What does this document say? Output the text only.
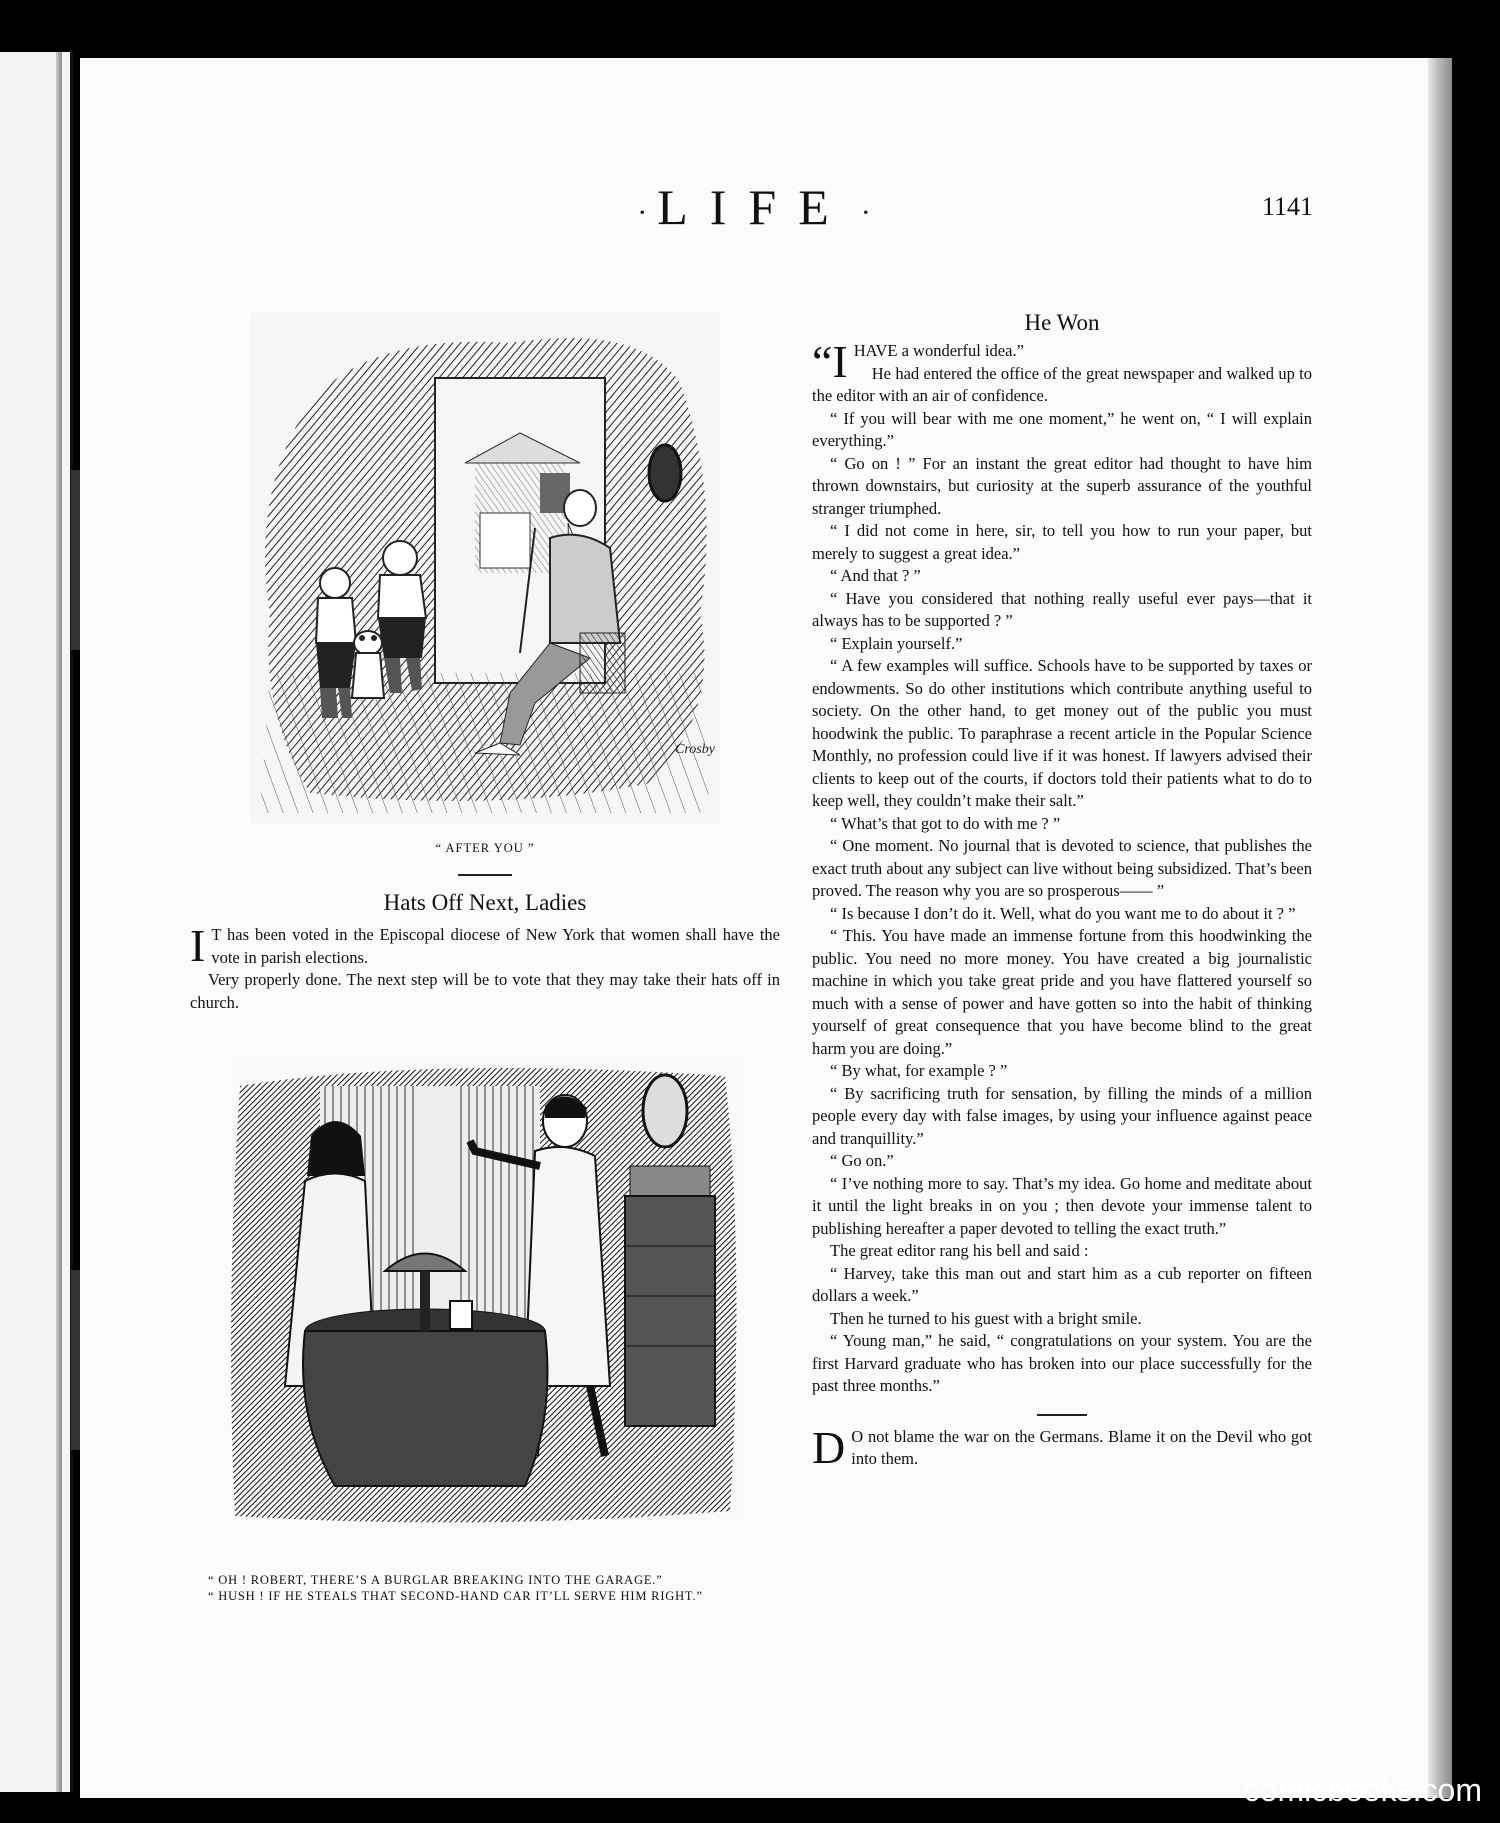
· LIFE ·	1141
Crosby
“ AFTER YOU ”
Hats Off Next, Ladies

I T has been voted in the Episcopal diocese of New York that women shall have the vote in parish elections.

Very properly done. The next step will be to vote that they may take their hats off in church.

“ OH ! ROBERT, THERE’S A BURGLAR BREAKING INTO THE GARAGE.”

“ HUSH ! IF HE STEALS THAT SECOND-HAND CAR IT’LL SERVE HIM RIGHT.”

He Won

“IHAVE a wonderful idea.”

He had entered the office of the great newspaper and walked up to the editor with an air of confidence.

“ If you will bear with me one moment,” he went on, “ I will explain everything.”

“ Go on ! ” For an instant the great editor had thought to have him thrown downstairs, but curiosity at the superb assurance of the youthful stranger triumphed.

“ I did not come in here, sir, to tell you how to run your paper, but merely to suggest a great idea.”

“ And that ? ”

“ Have you considered that nothing really useful ever pays—that it always has to be supported ? ”

“ Explain yourself.”

“ A few examples will suffice. Schools have to be supported by taxes or endowments. So do other institutions which contribute anything useful to society. On the other hand, to get money out of the public you must hoodwink the public. To paraphrase a recent article in the Popular Science Monthly, no profession could live if it was honest. If lawyers advised their clients to keep out of the courts, if doctors told their patients what to do to keep well, they couldn’t make their salt.”

“ What’s that got to do with me ? ”

“ One moment. No journal that is devoted to science, that publishes the exact truth about any subject can live without being subsidized. That’s been proved. The reason why you are so prosperous—— ”

“ Is because I don’t do it. Well, what do you want me to do about it ? ”

“ This. You have made an immense fortune from this hoodwinking the public. You need no more money. You have created a big journalistic machine in which you take great pride and you have flattered yourself so much with a sense of power and have gotten so into the habit of thinking yourself of great consequence that you have become blind to the great harm you are doing.”

“ By what, for example ? ”

“ By sacrificing truth for sensation, by filling the minds of a million people every day with false images, by using your influence against peace and tranquillity.”

“ Go on.”

“ I’ve nothing more to say. That’s my idea. Go home and meditate about it until the light breaks in on you ; then devote your immense talent to publishing hereafter a paper devoted to telling the exact truth.”

The great editor rang his bell and said :

“ Harvey, take this man out and start him as a cub reporter on fifteen dollars a week.”

Then he turned to his guest with a bright smile.

“ Young man,” he said, “ congratulations on your system. You are the first Harvard graduate who has broken into our place successfully for the past three months.”

D O not blame the war on the Germans. Blame it on the Devil who got into them.

comicbooks.com
